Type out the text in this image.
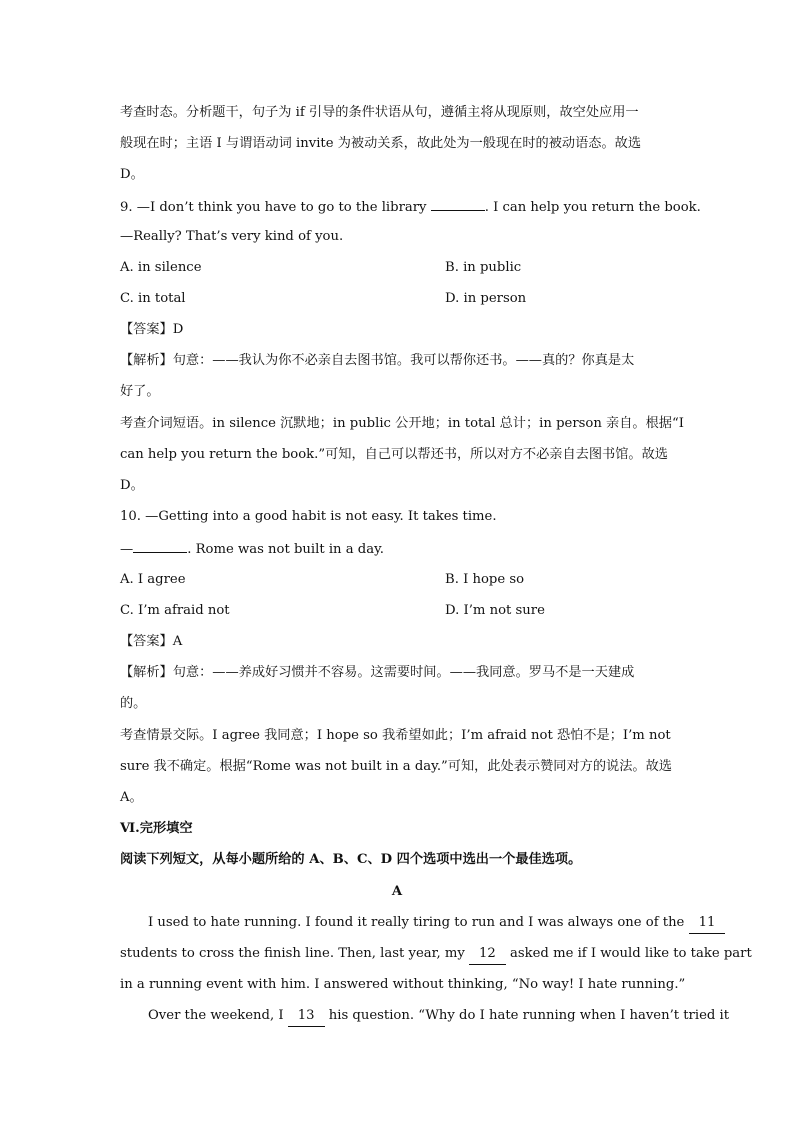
考查时态。分析题干，句子为 if 引导的条件状语从句，遵循主将从现原则，故空处应用一
般现在时；主语 I 与谓语动词 invite 为被动关系，故此处为一般现在时的被动语态。故选
D。
9. —I don’t think you have to go to the library	. I can help you return the book.
—Really? That’s very kind of you.
A. in silence	B. in public
C. in total	D. in person
【答案】D
【解析】句意：——我认为你不必亲自去图书馆。我可以帮你还书。——真的？你真是太
好了。
考查介词短语。in silence 沉默地；in public 公开地；in total 总计；in person 亲自。根据“I
can help you return the book.”可知，自己可以帮还书，所以对方不必亲自去图书馆。故选
D。
10. —Getting into a good habit is not easy. It takes time.
—	. Rome was not built in a day.
A. I agree	B. I hope so
C. I’m afraid not	D. I’m not sure
【答案】A
【解析】句意：——养成好习惯并不容易。这需要时间。——我同意。罗马不是一天建成
的。
考查情景交际。I agree 我同意；I hope so 我希望如此；I’m afraid not 恐怕不是；I’m not
sure 我不确定。根据“Rome was not built in a day.”可知，此处表示赞同对方的说法。故选
A。
Ⅵ.完形填空
阅读下列短文，从每小题所给的 A、B、C、D 四个选项中选出一个最佳选项。
A
I used to hate running. I found it really tiring to run and I was always one of the 11
students to cross the finish line. Then, last year, my 12 asked me if I would like to take part
in a running event with him. I answered without thinking, “No way! I hate running.”
Over the weekend, I 13 his question. “Why do I hate running when I haven’t tried it
